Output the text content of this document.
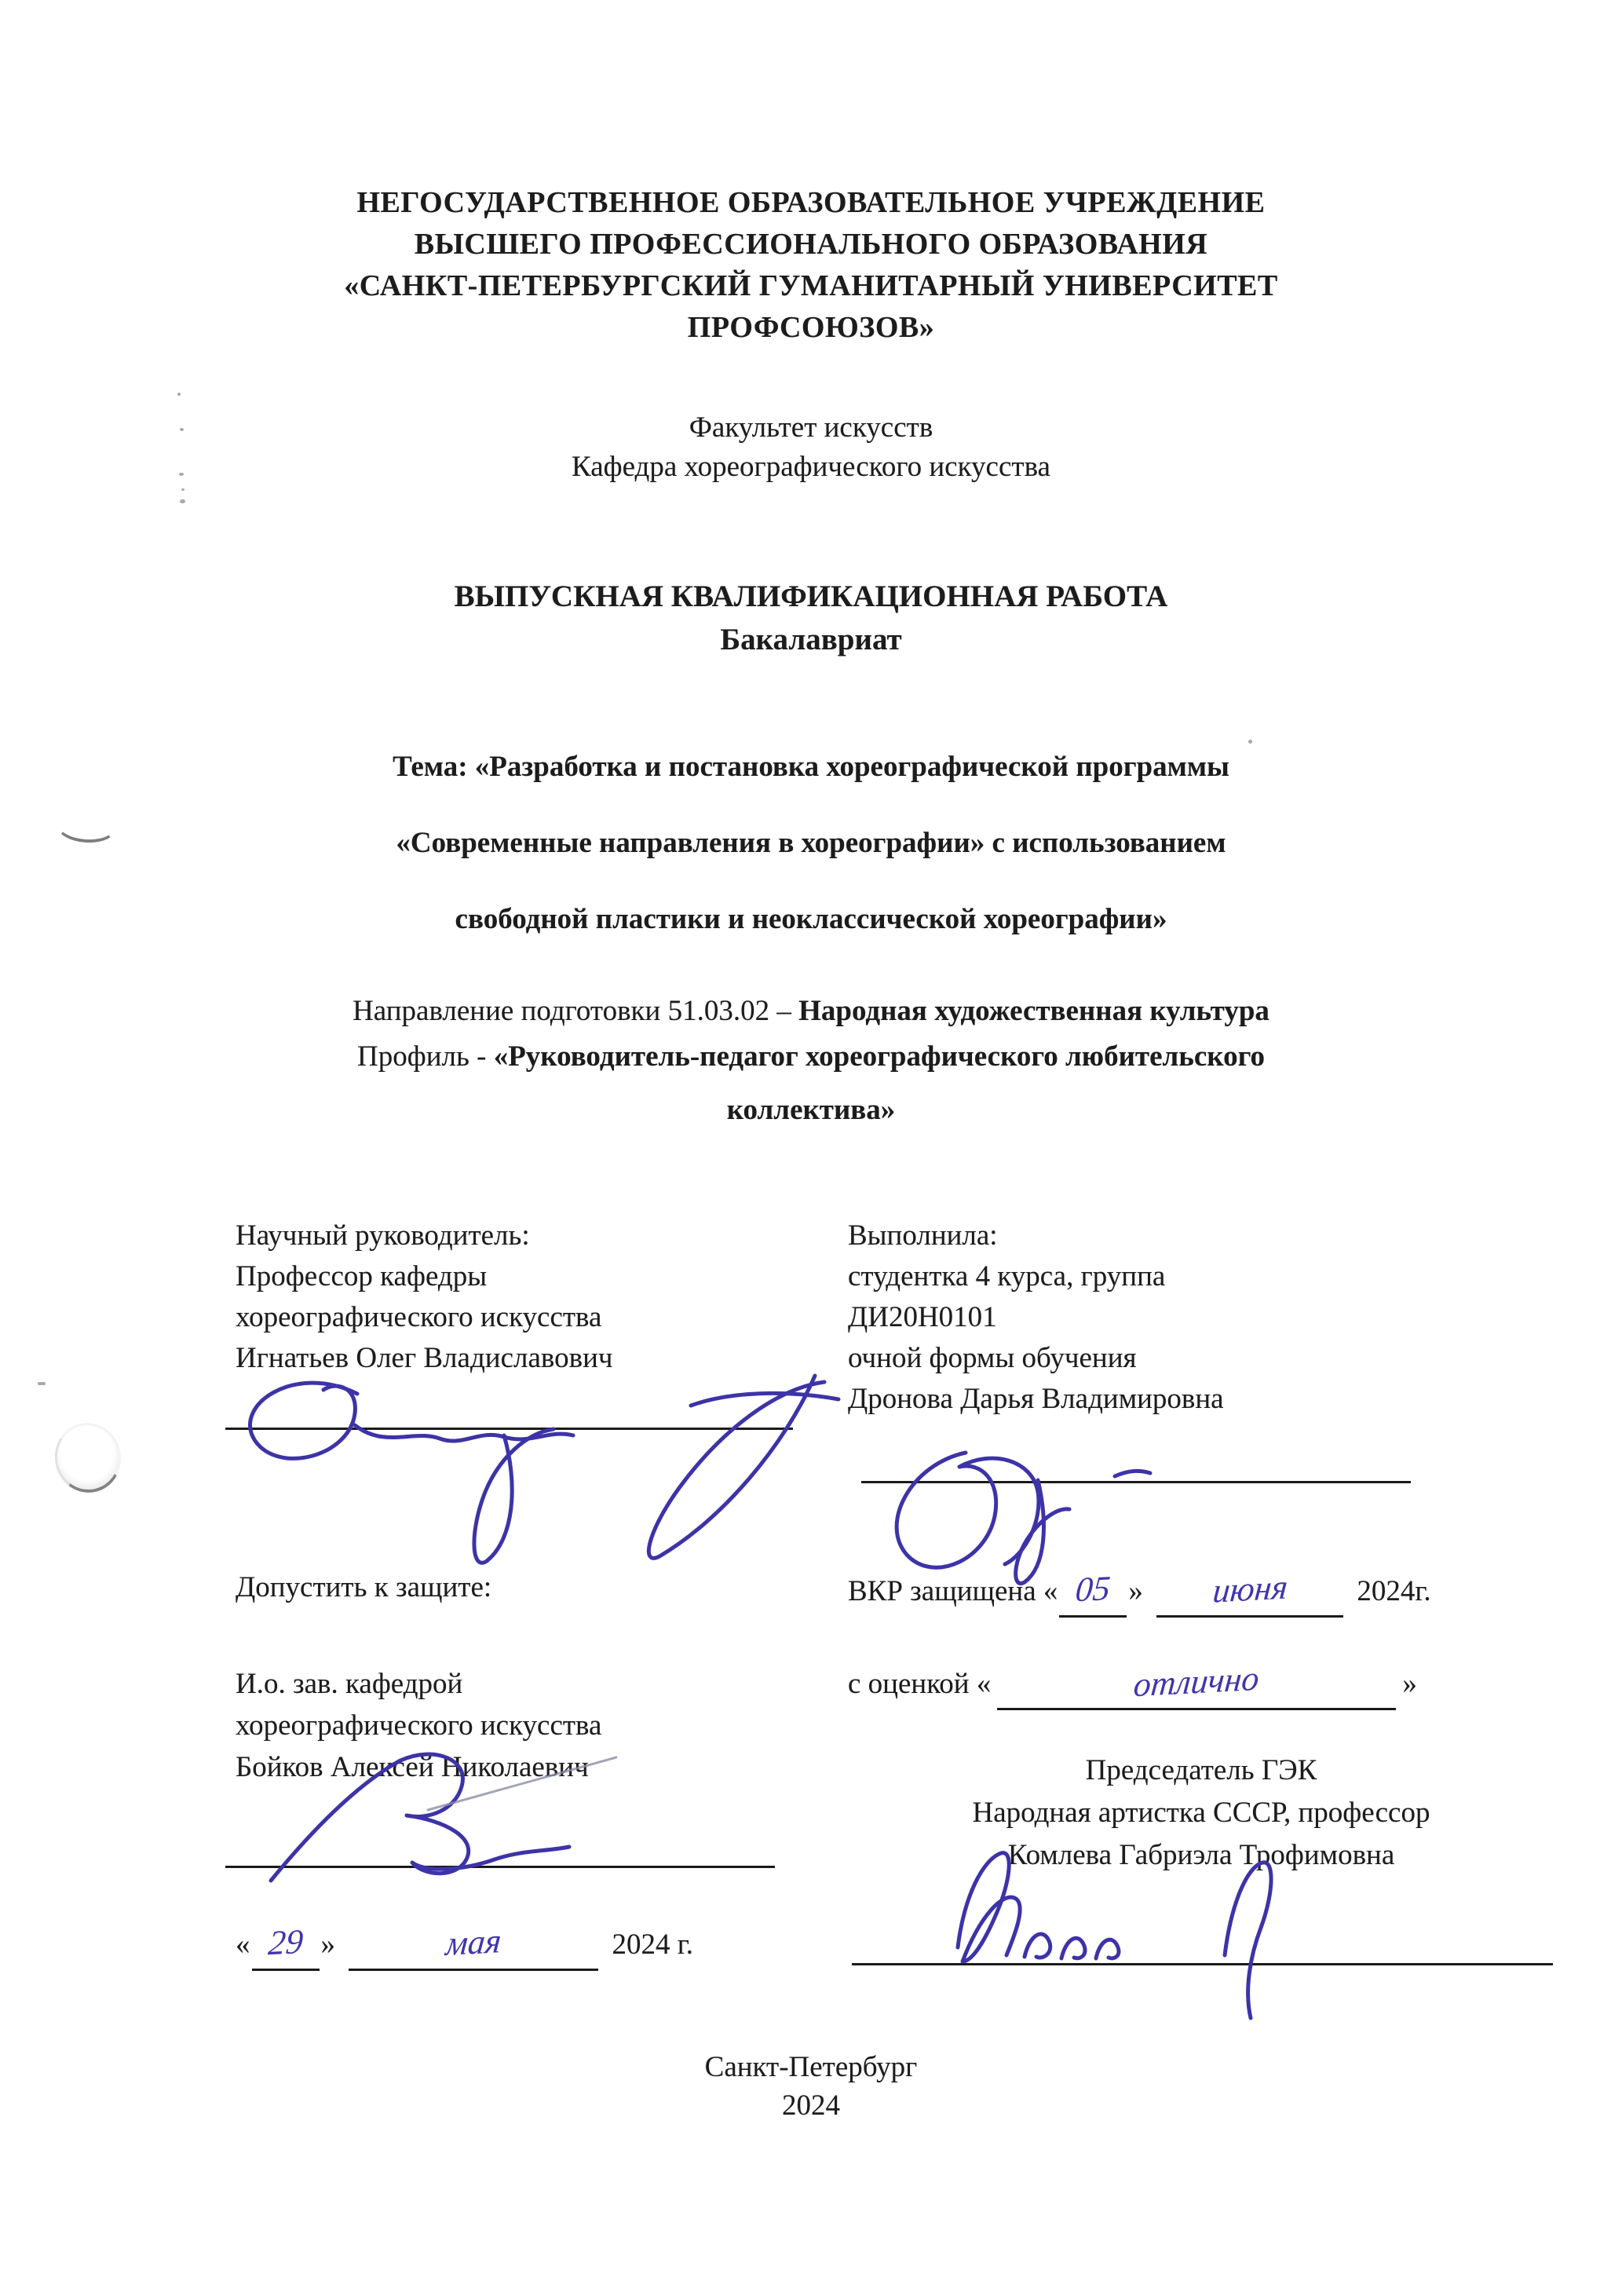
НЕГОСУДАРСТВЕННОЕ ОБРАЗОВАТЕЛЬНОЕ УЧРЕЖДЕНИЕ
ВЫСШЕГО ПРОФЕССИОНАЛЬНОГО ОБРАЗОВАНИЯ
«САНКТ-ПЕТЕРБУРГСКИЙ ГУМАНИТАРНЫЙ УНИВЕРСИТЕТ
ПРОФСОЮЗОВ»
Факультет искусств
Кафедра хореографического искусства
ВЫПУСКНАЯ КВАЛИФИКАЦИОННАЯ РАБОТА
Бакалавриат
Тема: «Разработка и постановка хореографической программы
«Современные направления в хореографии» с использованием
свободной пластики и неоклассической хореографии»
Направление подготовки 51.03.02 – Народная художественная культура
Профиль - «Руководитель-педагог хореографического любительского
коллектива»
Научный руководитель:
Профессор кафедры
хореографического искусства
Игнатьев Олег Владиславович
Выполнила:
студентка 4 курса, группа
ДИ20Н0101
очной формы обучения
Дронова Дарья Владимировна
Допустить к защите:	ВКР защищена « 05 » июня 2024г.
И.о. зав. кафедрой
хореографического искусства
Бойков Алексей Николаевич
с оценкой «	отлично	»
Председатель ГЭК
Народная артистка СССР, профессор
Комлева Габриэла Трофимовна
« 29 »	мая	2024 г.
Санкт-Петербург
2024
